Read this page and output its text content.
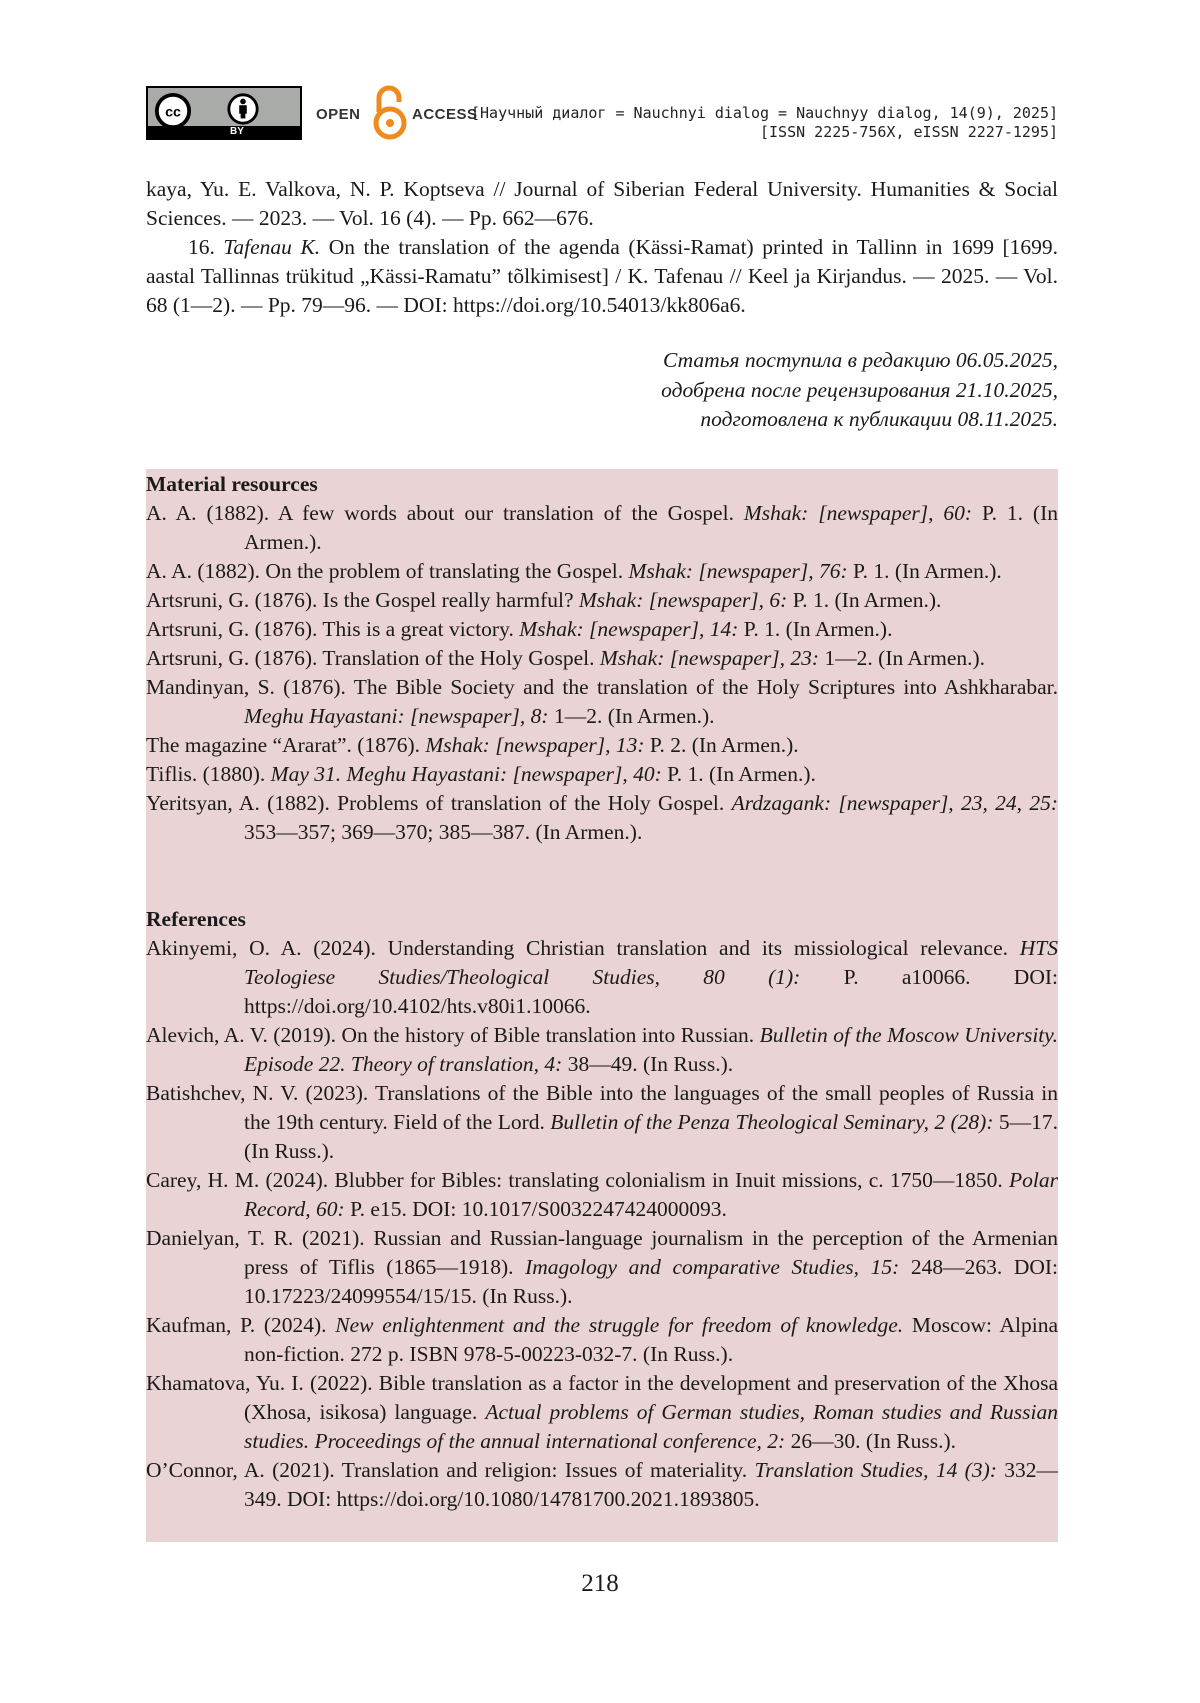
cc
BY
OPEN	ACCESS
[Научный диалог = Nauchnyi dialog = Nauchnyy dialog, 14(9), 2025]
[ISSN 2225-756X, eISSN 2227-1295]

kaya, Yu. E. Valkova, N. P. Koptseva // Journal of Siberian Federal University. Humanities & Social Sciences. — 2023. — Vol. 16 (4). — Pp. 662—676.

16. Tafenau K. On the translation of the agenda (Kässi-Ramat) printed in Tallinn in 1699 [1699. aastal Tallinnas trükitud „Kässi-Ramatu” tõlkimisest] / K. Tafenau // Keel ja Kirjandus. — 2025. — Vol. 68 (1—2). — Pp. 79—96. — DOI: https://doi.org/10.54013/kk806a6.

Статья поступила в редакцию 06.05.2025,
одобрена после рецензирования 21.10.2025,
подготовлена к публикации 08.11.2025.

Material resources

A. A. (1882). A few words about our translation of the Gospel. Mshak: [newspaper], 60: P. 1. (In Armen.).

A. A. (1882). On the problem of translating the Gospel. Mshak: [newspaper], 76: P. 1. (In Armen.).

Artsruni, G. (1876). Is the Gospel really harmful? Mshak: [newspaper], 6: P. 1. (In Armen.).

Artsruni, G. (1876). This is a great victory. Mshak: [newspaper], 14: P. 1. (In Armen.).

Artsruni, G. (1876). Translation of the Holy Gospel. Mshak: [newspaper], 23: 1—2. (In Armen.).

Mandinyan, S. (1876). The Bible Society and the translation of the Holy Scriptures into Ashkharabar. Meghu Hayastani: [newspaper], 8: 1—2. (In Armen.).

The magazine “Ararat”. (1876). Mshak: [newspaper], 13: P. 2. (In Armen.).

Tiflis. (1880). May 31. Meghu Hayastani: [newspaper], 40: P. 1. (In Armen.).

Yeritsyan, A. (1882). Problems of translation of the Holy Gospel. Ardzagank: [newspaper], 23, 24, 25: 353—357; 369—370; 385—387. (In Armen.).

References

Akinyemi, O. A. (2024). Understanding Christian translation and its missiological relevance. HTS Teologiese Studies/Theological Studies, 80 (1): P. a10066. DOI: https://doi.org/10.4102/hts.v80i1.10066.

Alevich, A. V. (2019). On the history of Bible translation into Russian. Bulletin of the Moscow University. Episode 22. Theory of translation, 4: 38—49. (In Russ.).

Batishchev, N. V. (2023). Translations of the Bible into the languages of the small peoples of Russia in the 19th century. Field of the Lord. Bulletin of the Penza Theological Seminary, 2 (28): 5—17. (In Russ.).

Carey, H. M. (2024). Blubber for Bibles: translating colonialism in Inuit missions, c. 1750—1850. Polar Record, 60: P. e15. DOI: 10.1017/S0032247424000093.

Danielyan, T. R. (2021). Russian and Russian-language journalism in the perception of the Armenian press of Tiflis (1865—1918). Imagology and comparative Studies, 15: 248—263. DOI: 10.17223/24099554/15/15. (In Russ.).

Kaufman, P. (2024). New enlightenment and the struggle for freedom of knowledge. Moscow: Alpina non-fiction. 272 p. ISBN 978-5-00223-032-7. (In Russ.).

Khamatova, Yu. I. (2022). Bible translation as a factor in the development and preservation of the Xhosa (Xhosa, isikosa) language. Actual problems of German studies, Roman studies and Russian studies. Proceedings of the annual international conference, 2: 26—30. (In Russ.).

O’Connor, A. (2021). Translation and religion: Issues of materiality. Translation Studies, 14 (3): 332—349. DOI: https://doi.org/10.1080/14781700.2021.1893805.

218
